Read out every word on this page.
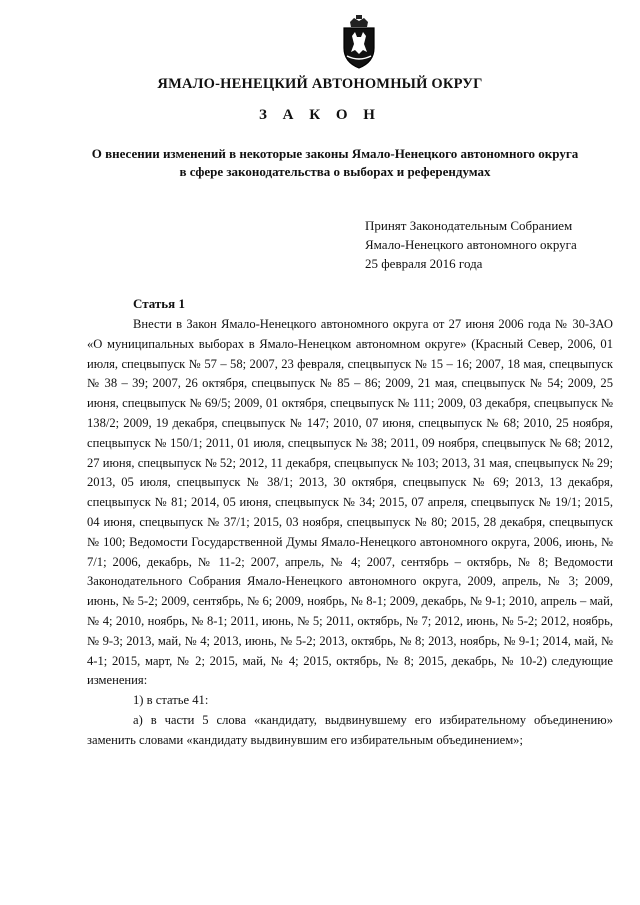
ЯМАЛО-НЕНЕЦКИЙ АВТОНОМНЫЙ ОКРУГ
З А К О Н
О внесении изменений в некоторые законы Ямало-Ненецкого автономного округа в сфере законодательства о выборах и референдумах
Принят Законодательным Собранием
Ямало-Ненецкого автономного округа
25 февраля 2016 года
Статья 1

Внести в Закон Ямало-Ненецкого автономного округа от 27 июня 2006 года № 30-ЗАО «О муниципальных выборах в Ямало-Ненецком автономном округе» (Красный Север, 2006, 01 июля, спецвыпуск № 57 – 58; 2007, 23 февраля, спецвыпуск № 15 – 16; 2007, 18 мая, спецвыпуск № 38 – 39; 2007, 26 октября, спецвыпуск № 85 – 86; 2009, 21 мая, спецвыпуск № 54; 2009, 25 июня, спецвыпуск № 69/5; 2009, 01 октября, спецвыпуск № 111; 2009, 03 декабря, спецвыпуск № 138/2; 2009, 19 декабря, спецвыпуск № 147; 2010, 07 июня, спецвыпуск № 68; 2010, 25 ноября, спецвыпуск № 150/1; 2011, 01 июля, спецвыпуск № 38; 2011, 09 ноября, спецвыпуск № 68; 2012, 27 июня, спецвыпуск № 52; 2012, 11 декабря, спецвыпуск № 103; 2013, 31 мая, спецвыпуск № 29; 2013, 05 июля, спецвыпуск № 38/1; 2013, 30 октября, спецвыпуск № 69; 2013, 13 декабря, спецвыпуск № 81; 2014, 05 июня, спецвыпуск № 34; 2015, 07 апреля, спецвыпуск № 19/1; 2015, 04 июня, спецвыпуск № 37/1; 2015, 03 ноября, спецвыпуск № 80; 2015, 28 декабря, спецвыпуск № 100; Ведомости Государственной Думы Ямало-Ненецкого автономного округа, 2006, июнь, № 7/1; 2006, декабрь, № 11-2; 2007, апрель, № 4; 2007, сентябрь – октябрь, № 8; Ведомости Законодательного Собрания Ямало-Ненецкого автономного округа, 2009, апрель, № 3; 2009, июнь, № 5-2; 2009, сентябрь, № 6; 2009, ноябрь, № 8-1; 2009, декабрь, № 9-1; 2010, апрель – май, № 4; 2010, ноябрь, № 8-1; 2011, июнь, № 5; 2011, октябрь, № 7; 2012, июнь, № 5-2; 2012, ноябрь, № 9-3; 2013, май, № 4; 2013, июнь, № 5-2; 2013, октябрь, № 8; 2013, ноябрь, № 9-1; 2014, май, № 4-1; 2015, март, № 2; 2015, май, № 4; 2015, октябрь, № 8; 2015, декабрь, № 10-2) следующие изменения:

1) в статье 41:

а) в части 5 слова «кандидату, выдвинувшему его избирательному объединению» заменить словами «кандидату выдвинувшим его избирательным объединением»;
